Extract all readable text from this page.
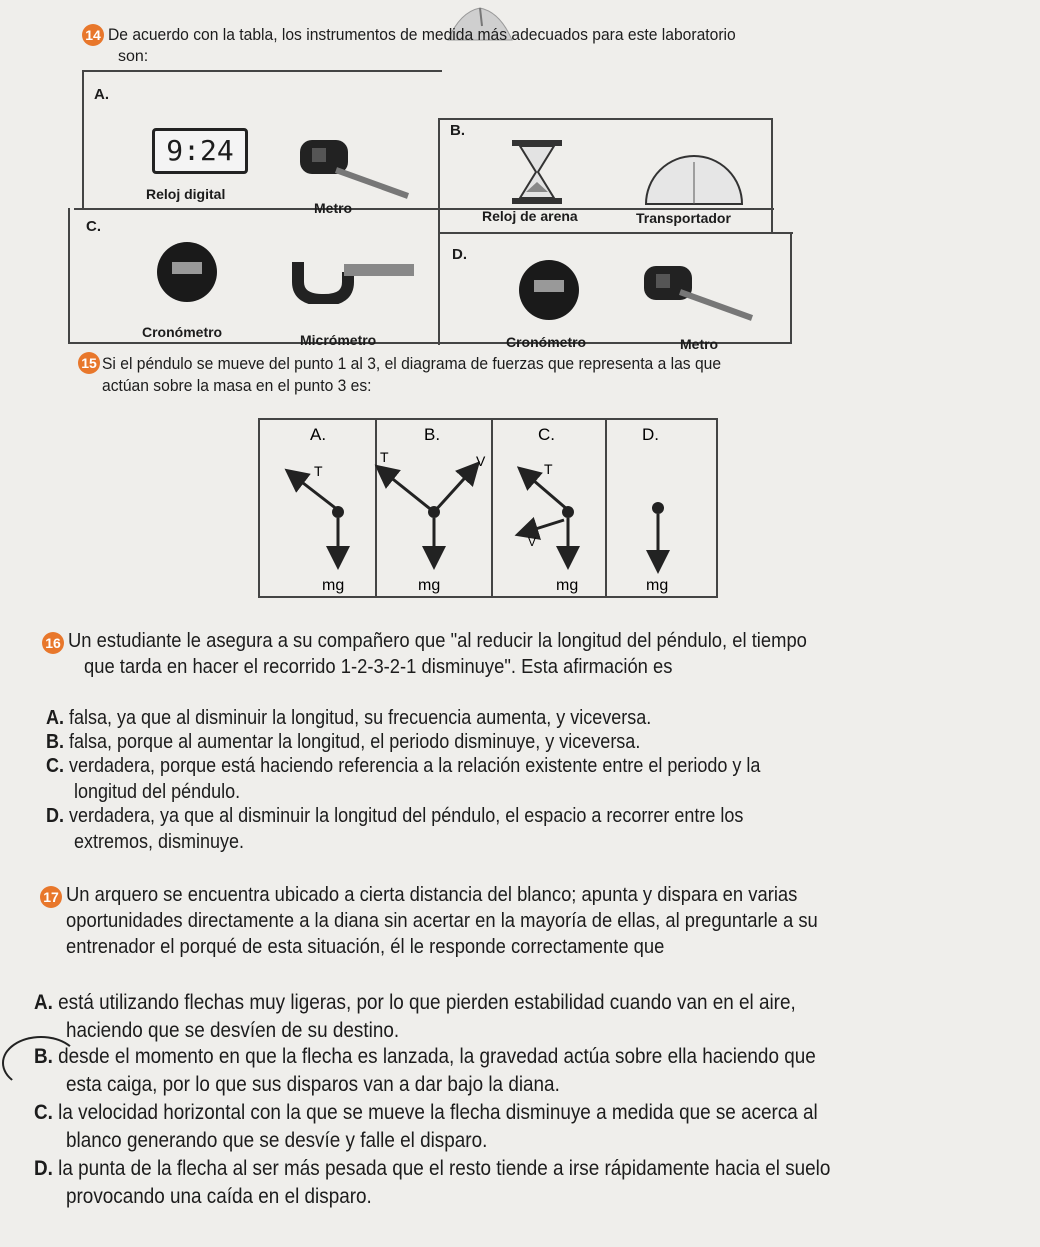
14 De acuerdo con la tabla, los instrumentos de medida más adecuados para este laboratorio
son:
A.
9:24
Reloj digital
Metro
B.
Reloj de arena	Transportador
C.
Cronómetro	Micrómetro
D.
Cronómetro	Metro
15 Si el péndulo se mueve del punto 1 al 3, el diagrama de fuerzas que representa a las que
actúan sobre la masa en el punto 3 es:
A.	B.	C.	D.
T
mg
T	V
mg
T
V
mg	mg
16 Un estudiante le asegura a su compañero que "al reducir la longitud del péndulo, el tiempo
que tarda en hacer el recorrido 1-2-3-2-1 disminuye". Esta afirmación es
A. falsa, ya que al disminuir la longitud, su frecuencia aumenta, y viceversa.
B. falsa, porque al aumentar la longitud, el periodo disminuye, y viceversa.
C. verdadera, porque está haciendo referencia a la relación existente entre el periodo y la
longitud del péndulo.
D. verdadera, ya que al disminuir la longitud del péndulo, el espacio a recorrer entre los
extremos, disminuye.
17 Un arquero se encuentra ubicado a cierta distancia del blanco; apunta y dispara en varias
oportunidades directamente a la diana sin acertar en la mayoría de ellas, al preguntarle a su
entrenador el porqué de esta situación, él le responde correctamente que
A. está utilizando flechas muy ligeras, por lo que pierden estabilidad cuando van en el aire,
haciendo que se desvíen de su destino.
B. desde el momento en que la flecha es lanzada, la gravedad actúa sobre ella haciendo que
esta caiga, por lo que sus disparos van a dar bajo la diana.
C. la velocidad horizontal con la que se mueve la flecha disminuye a medida que se acerca al
blanco generando que se desvíe y falle el disparo.
D. la punta de la flecha al ser más pesada que el resto tiende a irse rápidamente hacia el suelo
provocando una caída en el disparo.
